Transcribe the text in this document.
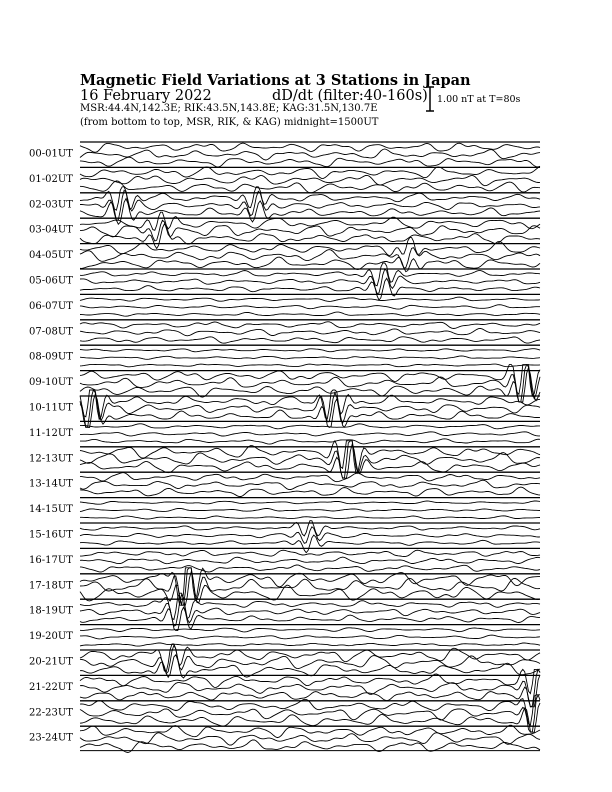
Magnetic Field Variations at 3 Stations in Japan
16 February 2022	dD/dt (filter:40-160s)
MSR:44.4N,142.3E; RIK:43.5N,143.8E; KAG:31.5N,130.7E
(from bottom to top, MSR, RIK, & KAG) midnight=1500UT
1.00 nT at T=80s
00-01UT
01-02UT
02-03UT
03-04UT
04-05UT
05-06UT
06-07UT
07-08UT
08-09UT
09-10UT
10-11UT
11-12UT
12-13UT
13-14UT
14-15UT
15-16UT
16-17UT
17-18UT
18-19UT
19-20UT
20-21UT
21-22UT
22-23UT
23-24UT
